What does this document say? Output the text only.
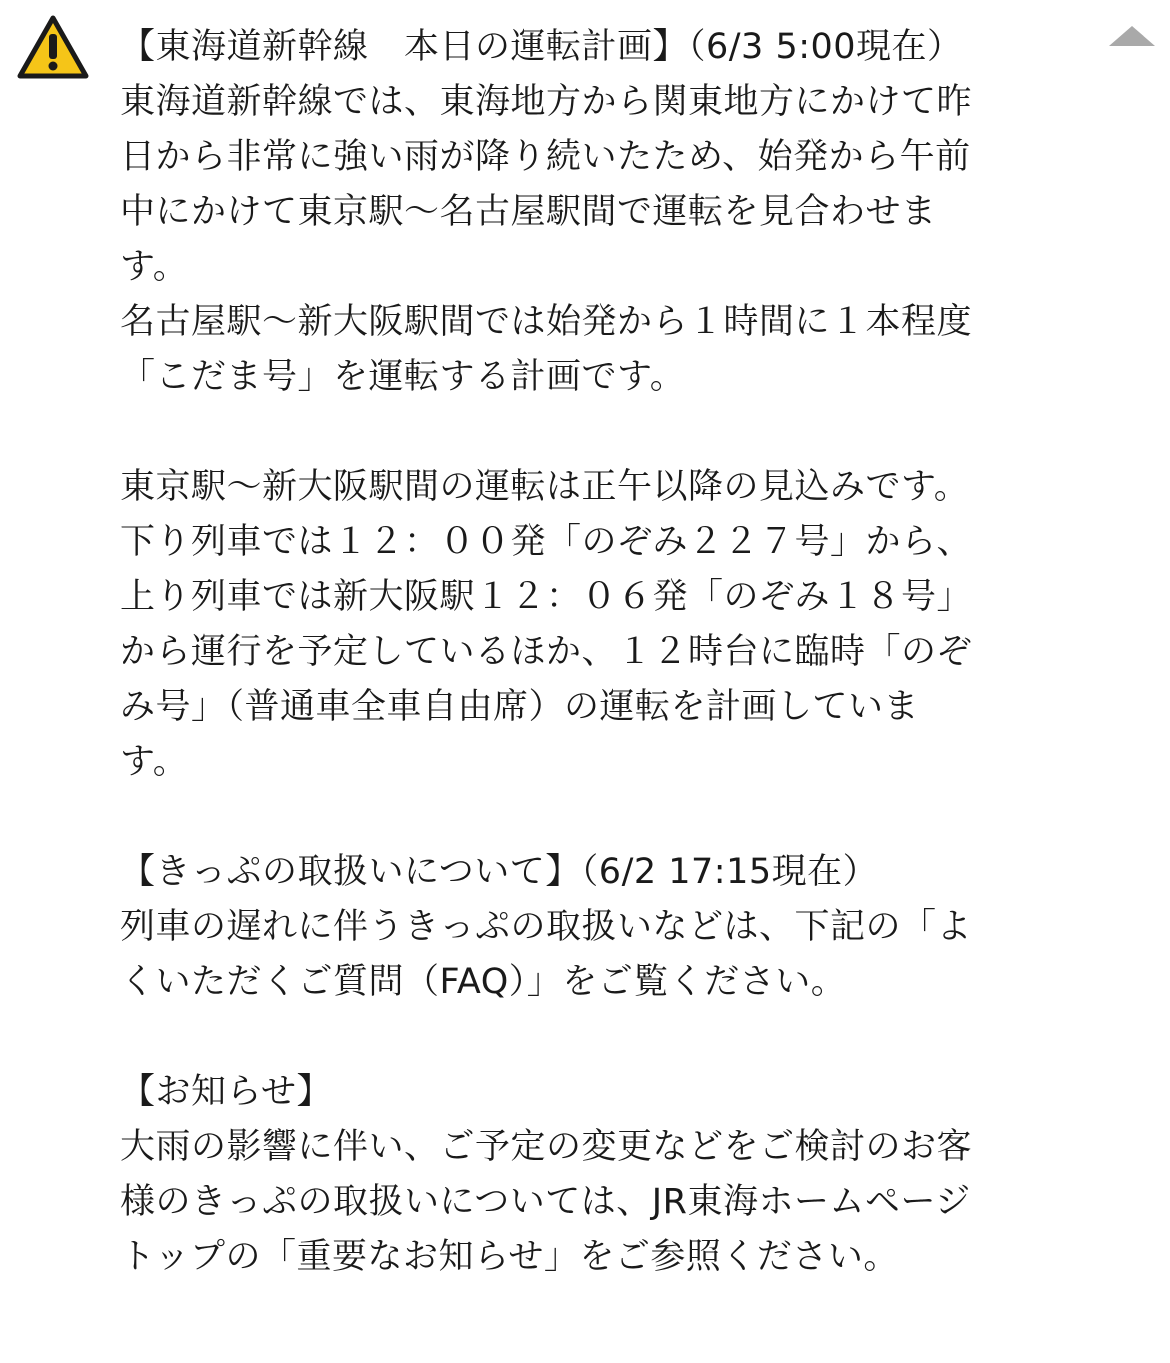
【東海道新幹線　本日の運転計画】（6/3 5:00現在）
東海道新幹線では、東海地方から関東地方にかけて昨
日から非常に強い雨が降り続いたため、始発から午前
中にかけて東京駅〜名古屋駅間で運転を見合わせま
す。
名古屋駅〜新大阪駅間では始発から１時間に１本程度
「こだま号」を運転する計画です。
東京駅〜新大阪駅間の運転は正午以降の見込みです。
下り列車では１２：００発「のぞみ２２７号」から、
上り列車では新大阪駅１２：０６発「のぞみ１８号」
から運行を予定しているほか、１２時台に臨時「のぞ
み号」（普通車全車自由席）の運転を計画していま
す。
【きっぷの取扱いについて】（6/2 17:15現在）
列車の遅れに伴うきっぷの取扱いなどは、下記の「よ
くいただくご質問（FAQ）」をご覧ください。
【お知らせ】
大雨の影響に伴い、ご予定の変更などをご検討のお客
様のきっぷの取扱いについては、JR東海ホームページ
トップの「重要なお知らせ」をご参照ください。
